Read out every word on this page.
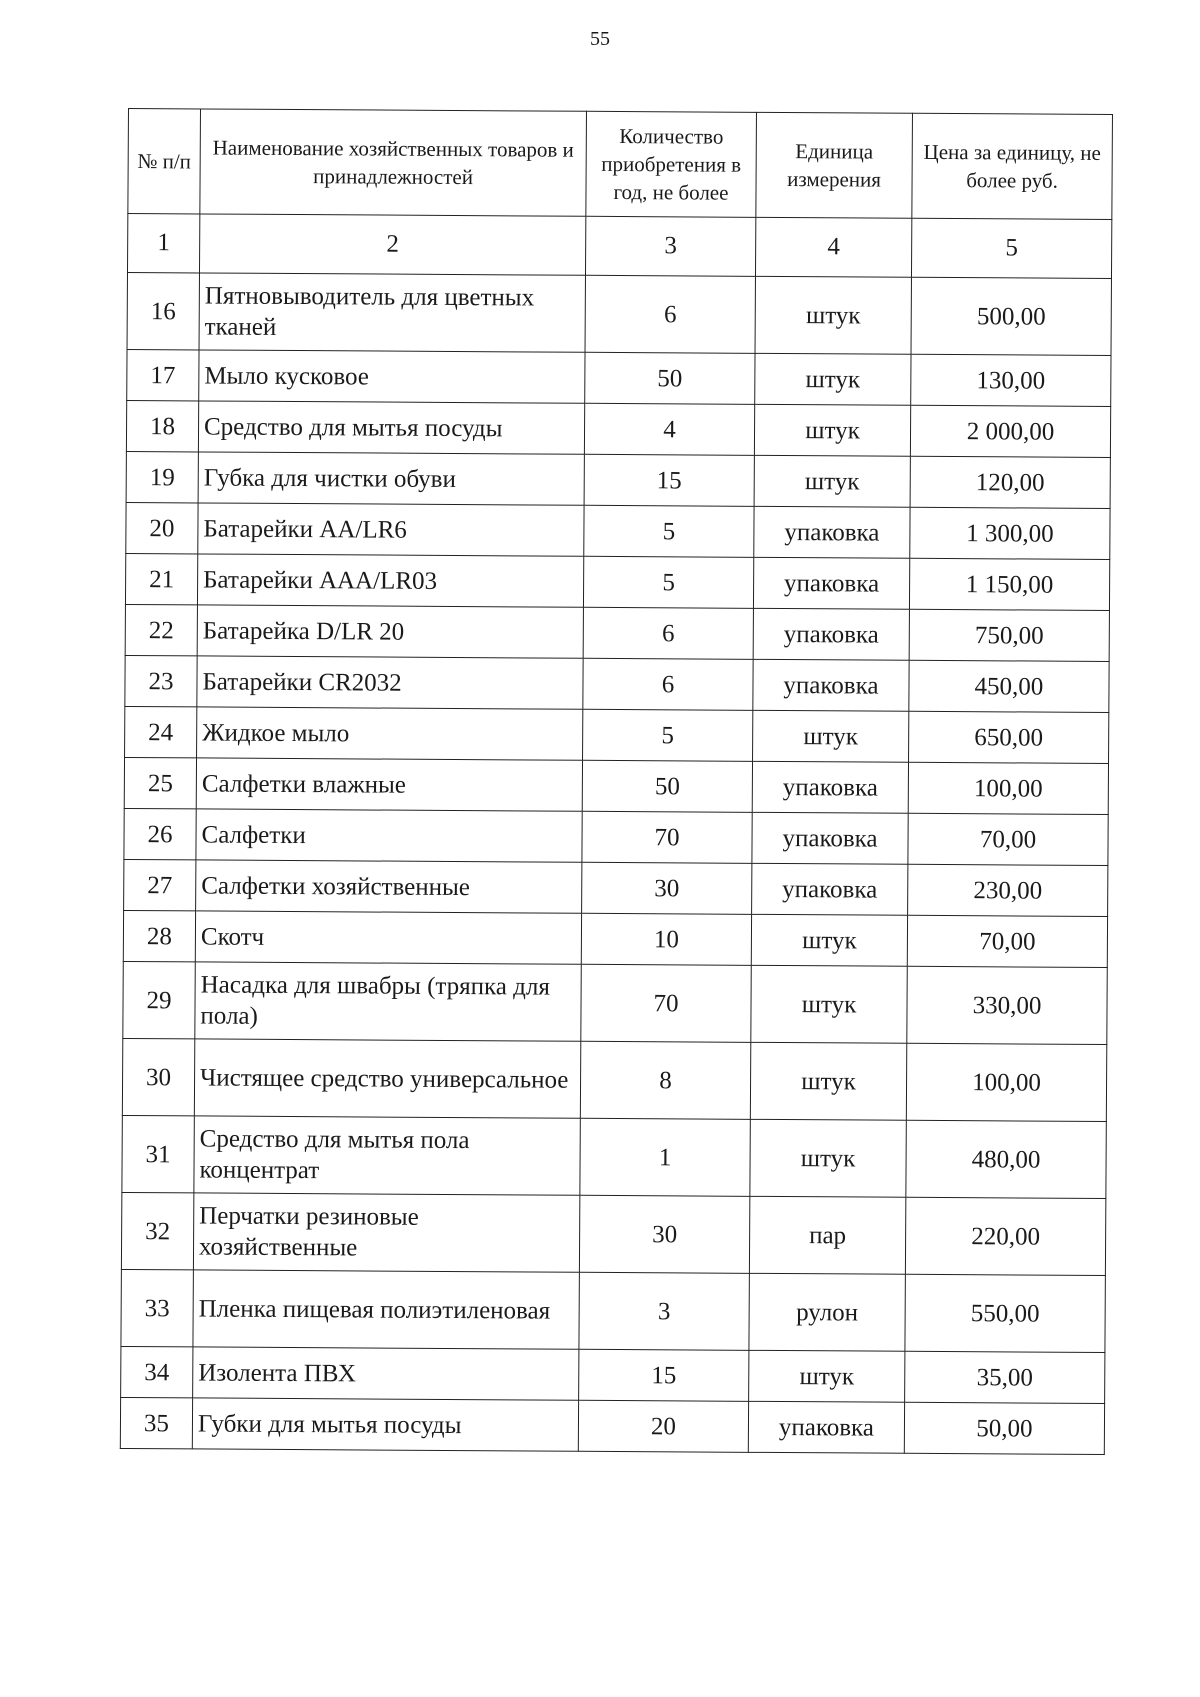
55
№ п/п	Наименование хозяйственных товаров и принадлежностей	Количество приобретения в год, не более	Единица измерения	Цена за единицу, не более руб.
1	2	3	4	5
16	Пятновыводитель для цветных тканей	6	штук	500,00
17	Мыло кусковое	50	штук	130,00
18	Средство для мытья посуды	4	штук	2 000,00
19	Губка для чистки обуви	15	штук	120,00
20	Батарейки AA/LR6	5	упаковка	1 300,00
21	Батарейки AAA/LR03	5	упаковка	1 150,00
22	Батарейка D/LR 20	6	упаковка	750,00
23	Батарейки CR2032	6	упаковка	450,00
24	Жидкое мыло	5	штук	650,00
25	Салфетки влажные	50	упаковка	100,00
26	Салфетки	70	упаковка	70,00
27	Салфетки хозяйственные	30	упаковка	230,00
28	Скотч	10	штук	70,00
29	Насадка для швабры (тряпка для пола)	70	штук	330,00
30	Чистящее средство универсальное	8	штук	100,00
31	Средство для мытья пола концентрат	1	штук	480,00
32	Перчатки резиновые хозяйственные	30	пар	220,00
33	Пленка пищевая полиэтиленовая	3	рулон	550,00
34	Изолента ПВХ	15	штук	35,00
35	Губки для мытья посуды	20	упаковка	50,00
